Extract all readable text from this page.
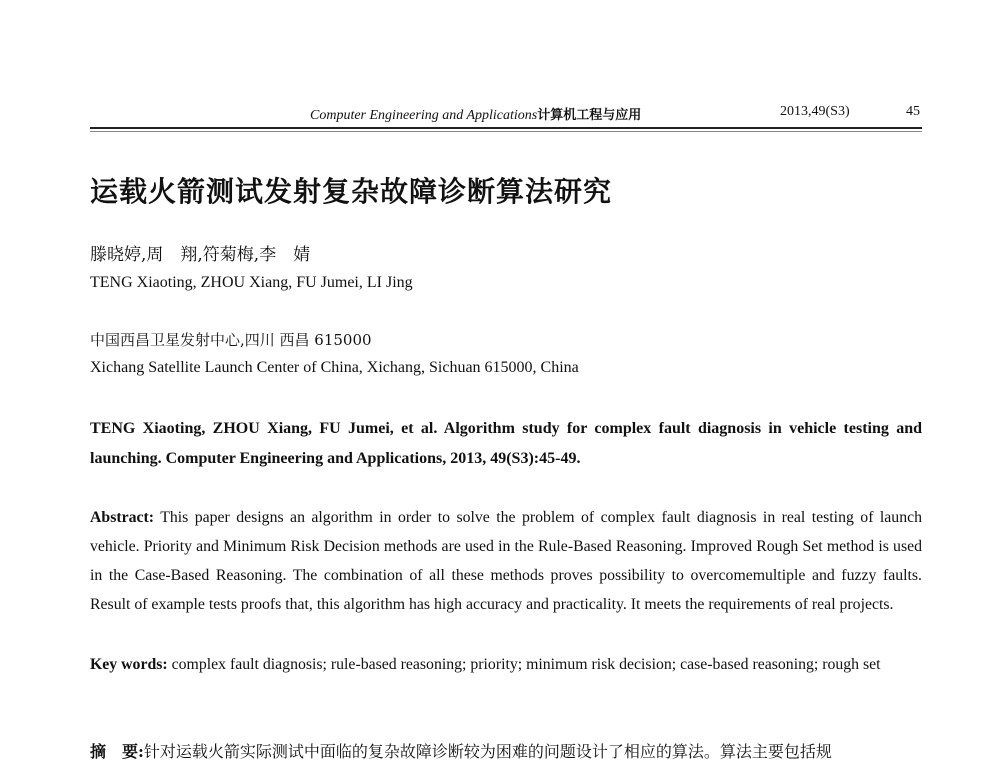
Computer Engineering and Applications计算机工程与应用	2013,49(S3)	45
运载火箭测试发射复杂故障诊断算法研究
滕晓婷,周　翔,符菊梅,李　婧
TENG Xiaoting, ZHOU Xiang, FU Jumei, LI Jing
中国西昌卫星发射中心,四川 西昌 615000
Xichang Satellite Launch Center of China, Xichang, Sichuan 615000, China
TENG Xiaoting, ZHOU Xiang, FU Jumei, et al. Algorithm study for complex fault diagnosis in vehicle testing and launching. Computer Engineering and Applications, 2013, 49(S3):45-49.
Abstract: This paper designs an algorithm in order to solve the problem of complex fault diagnosis in real testing of launch vehicle. Priority and Minimum Risk Decision methods are used in the Rule-Based Reasoning. Improved Rough Set method is used in the Case-Based Reasoning. The combination of all these methods proves possibility to overcomemultiple and fuzzy faults. Result of example tests proofs that, this algorithm has high accuracy and practicality. It meets the requirements of real projects.
Key words: complex fault diagnosis; rule-based reasoning; priority; minimum risk decision; case-based reasoning; rough set
摘　要:针对运载火箭实际测试中面临的复杂故障诊断较为困难的问题设计了相应的算法。算法主要包括规
